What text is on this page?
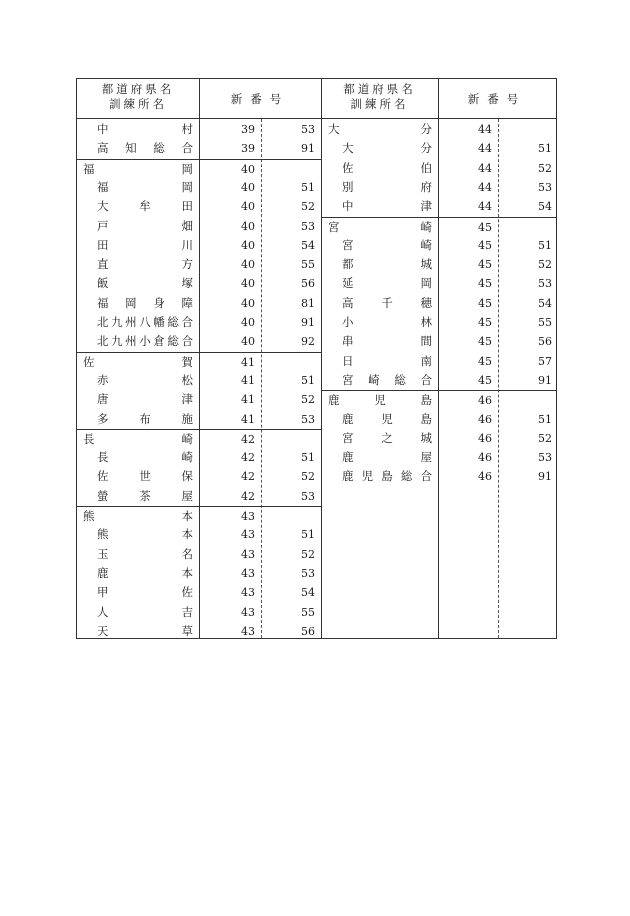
都道府県名
訓練所名	新番号
中	村	39	53
高 知 総 合	39	91
福	岡	40
福	岡	40	51
大	牟	田	40	52
戸	畑	40	53
田	川	40	54
直	方	40	55
飯	塚	40	56
福 岡 身 障	40	81
北 九 州 八 幡 総 合	40	91
北 九 州 小 倉 総 合	40	92
佐	賀	41
赤	松	41	51
唐	津	41	52
多	布	施	41	53
長	崎	42
長	崎	42	51
佐	世	保	42	52
螢	茶	屋	42	53
熊	本	43
熊	本	43	51
玉	名	43	52
鹿	本	43	53
甲	佐	43	54
人	吉	43	55
天	草	43	56
都道府県名
訓練所名	新番号
大	分	44
大	分	44	51
佐	伯	44	52
別	府	44	53
中	津	44	54
宮	崎	45
宮	崎	45	51
都	城	45	52
延	岡	45	53
高 千 穂	45	54
小	林	45	55
串	間	45	56
日	南	45	57
宮 崎 総 合	45	91
鹿	児	島	46
鹿 児 島	46	51
宮 之 城	46	52
鹿	屋	46	53
鹿 児 島 総 合	46	91
